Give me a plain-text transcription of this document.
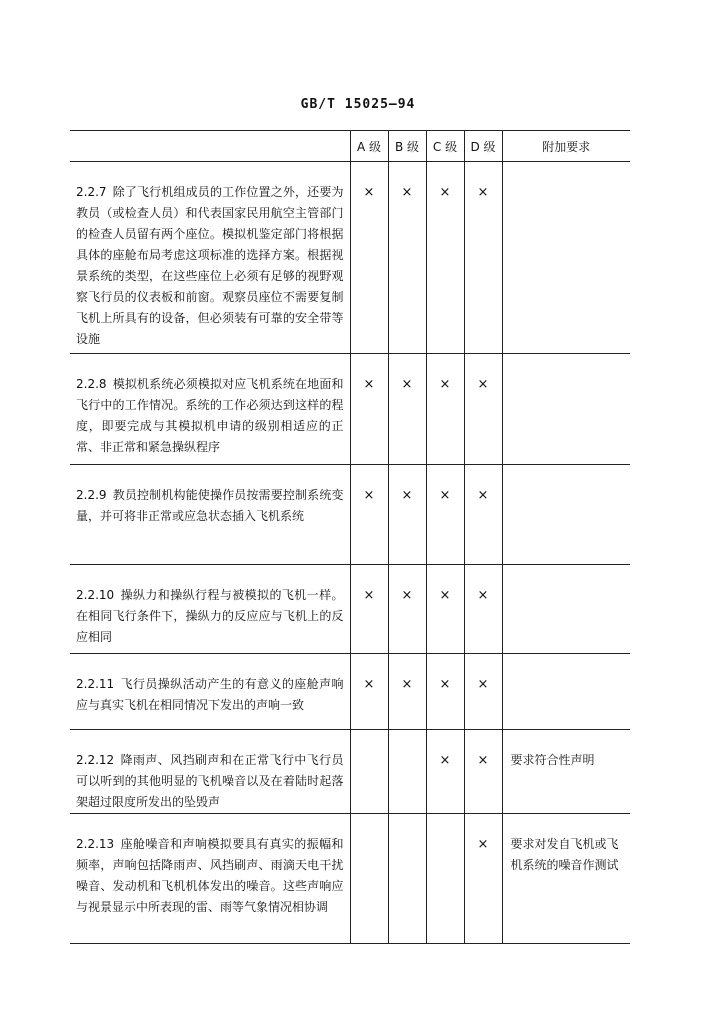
GB/T 15025—94
	A 级	B 级	C 级	D 级	附加要求
2.2.7 除了飞行机组成员的工作位置之外，还要为教员（或检查人员）和代表国家民用航空主管部门的检查人员留有两个座位。模拟机鉴定部门将根据具体的座舱布局考虑这项标准的选择方案。根据视景系统的类型，在这些座位上必须有足够的视野观察飞行员的仪表板和前窗。观察员座位不需要复制飞机上所具有的设备，但必须装有可靠的安全带等设施	×	×	×	×	
2.2.8 模拟机系统必须模拟对应飞机系统在地面和飞行中的工作情况。系统的工作必须达到这样的程度，即要完成与其模拟机申请的级别相适应的正常、非正常和紧急操纵程序	×	×	×	×	
2.2.9 教员控制机构能使操作员按需要控制系统变量，并可将非正常或应急状态插入飞机系统	×	×	×	×	
2.2.10 操纵力和操纵行程与被模拟的飞机一样。在相同飞行条件下，操纵力的反应应与飞机上的反应相同	×	×	×	×	
2.2.11 飞行员操纵活动产生的有意义的座舱声响应与真实飞机在相同情况下发出的声响一致	×	×	×	×	
2.2.12 降雨声、风挡刷声和在正常飞行中飞行员可以听到的其他明显的飞机噪音以及在着陆时起落架超过限度所发出的坠毁声			×	×	要求符合性声明
2.2.13 座舱噪音和声响模拟要具有真实的振幅和频率，声响包括降雨声、风挡刷声、雨滴天电干扰噪音、发动机和飞机机体发出的噪音。这些声响应与视景显示中所表现的雷、雨等气象情况相协调				×	要求对发自飞机或飞机系统的噪音作测试
